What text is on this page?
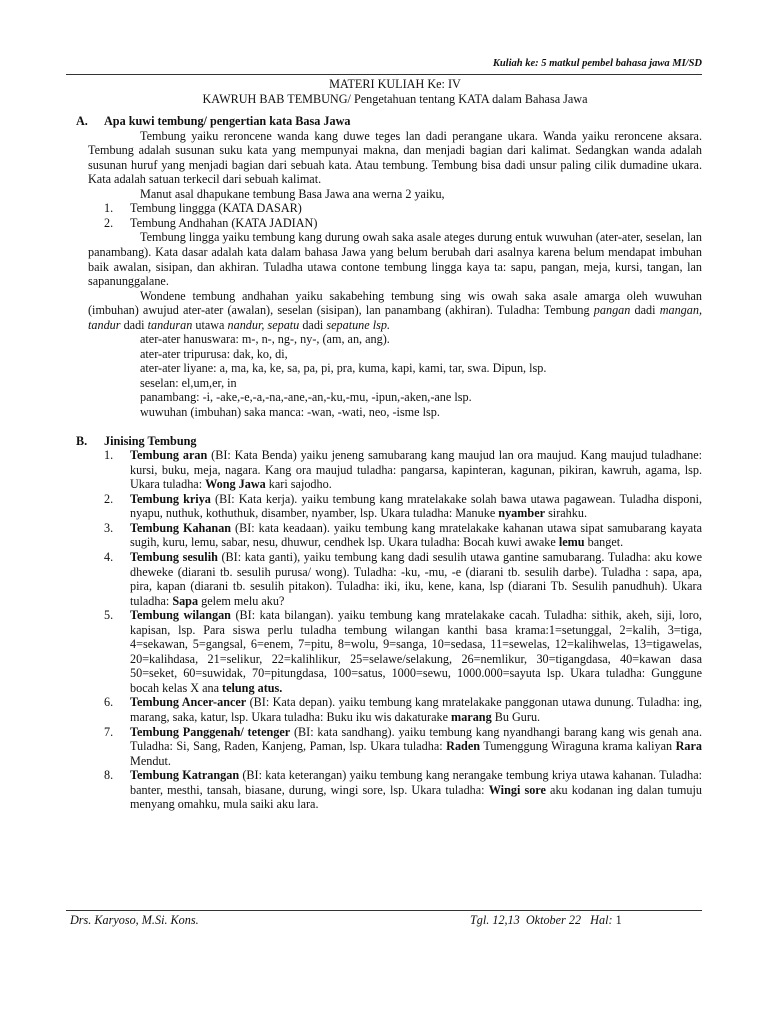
Kuliah ke: 5 matkul pembel bahasa jawa MI/SD
MATERI KULIAH Ke: IV
KAWRUH BAB TEMBUNG/ Pengetahuan tentang KATA dalam Bahasa Jawa
A.	Apa kuwi tembung/ pengertian kata Basa Jawa
Tembung yaiku reroncene wanda kang duwe teges lan dadi perangane ukara. Wanda yaiku reroncene aksara. Tembung adalah susunan suku kata yang mempunyai makna, dan menjadi bagian dari kalimat. Sedangkan wanda adalah susunan huruf yang menjadi bagian dari sebuah kata. Atau tembung. Tembung bisa dadi unsur paling cilik dumadine ukara. Kata adalah satuan terkecil dari sebuah kalimat.
Manut asal dhapukane tembung Basa Jawa ana werna 2 yaiku,
1.	Tembung linggga (KATA DASAR)
2.	Tembung Andhahan (KATA JADIAN)
Tembung lingga yaiku tembung kang durung owah saka asale ateges durung entuk wuwuhan (ater-ater, seselan, lan panambang). Kata dasar adalah kata dalam bahasa Jawa yang belum berubah dari asalnya karena belum mendapat imbuhan baik awalan, sisipan, dan akhiran. Tuladha utawa contone tembung lingga kaya ta: sapu, pangan, meja, kursi, tangan, lan sapanunggalane.
Wondene tembung andhahan yaiku sakabehing tembung sing wis owah saka asale amarga oleh wuwuhan (imbuhan) awujud ater-ater (awalan), seselan (sisipan), lan panambang (akhiran). Tuladha: Tembung pangan dadi mangan, tandur dadi tanduran utawa nandur, sepatu dadi sepatune lsp.
ater-ater hanuswara: m-, n-, ng-, ny-, (am, an, ang).
ater-ater tripurusa: dak, ko, di,
ater-ater liyane: a, ma, ka, ke, sa, pa, pi, pra, kuma, kapi, kami, tar, swa. Dipun, lsp.
seselan: el,um,er, in
panambang: -i, -ake,-e,-a,-na,-ane,-an,-ku,-mu, -ipun,-aken,-ane lsp.
wuwuhan (imbuhan) saka manca: -wan, -wati, neo, -isme lsp.
B.	Jinising Tembung
1.	Tembung aran (BI: Kata Benda) yaiku jeneng samubarang kang maujud lan ora maujud. Kang maujud tuladhane: kursi, buku, meja, nagara. Kang ora maujud tuladha: pangarsa, kapinteran, kagunan, pikiran, kawruh, agama, lsp. Ukara tuladha: Wong Jawa kari sajodho.
2.	Tembung kriya (BI: Kata kerja). yaiku tembung kang mratelakake solah bawa utawa pagawean. Tuladha disponi, nyapu, nuthuk, kothuthuk, disamber, nyamber, lsp. Ukara tuladha: Manuke nyamber sirahku.
3.	Tembung Kahanan (BI: kata keadaan). yaiku tembung kang mratelakake kahanan utawa sipat samubarang kayata sugih, kuru, lemu, sabar, nesu, dhuwur, cendhek lsp. Ukara tuladha: Bocah kuwi awake lemu banget.
4.	Tembung sesulih (BI: kata ganti), yaiku tembung kang dadi sesulih utawa gantine samubarang. Tuladha: aku kowe dheweke (diarani tb. sesulih purusa/ wong). Tuladha: -ku, -mu, -e (diarani tb. sesulih darbe). Tuladha : sapa, apa, pira, kapan (diarani tb. sesulih pitakon). Tuladha: iki, iku, kene, kana, lsp (diarani Tb. Sesulih panudhuh). Ukara tuladha: Sapa gelem melu aku?
5.	Tembung wilangan (BI: kata bilangan). yaiku tembung kang mratelakake cacah. Tuladha: sithik, akeh, siji, loro, kapisan, lsp. Para siswa perlu tuladha tembung wilangan kanthi basa krama:1=setunggal, 2=kalih, 3=tiga, 4=sekawan, 5=gangsal, 6=enem, 7=pitu, 8=wolu, 9=sanga, 10=sedasa, 11=sewelas, 12=kalihwelas, 13=tigawelas, 20=kalihdasa, 21=selikur, 22=kalihlikur, 25=selawe/selakung, 26=nemlikur, 30=tigangdasa, 40=kawan dasa 50=seket, 60=suwidak, 70=pitungdasa, 100=satus, 1000=sewu, 1000.000=sayuta lsp. Ukara tuladha: Gunggune bocah kelas X ana telung atus.
6.	Tembung Ancer-ancer (BI: Kata depan). yaiku tembung kang mratelakake panggonan utawa dunung. Tuladha: ing, marang, saka, katur, lsp. Ukara tuladha: Buku iku wis dakaturake marang Bu Guru.
7.	Tembung Panggenah/ tetenger (BI: kata sandhang). yaiku tembung kang nyandhangi barang kang wis genah ana. Tuladha: Si, Sang, Raden, Kanjeng, Paman, lsp. Ukara tuladha: Raden Tumenggung Wiraguna krama kaliyan Rara Mendut.
8.	Tembung Katrangan (BI: kata keterangan) yaiku tembung kang nerangake tembung kriya utawa kahanan. Tuladha: banter, mesthi, tansah, biasane, durung, wingi sore, lsp. Ukara tuladha: Wingi sore aku kodanan ing dalan tumuju menyang omahku, mula saiki aku lara.
Drs. Karyoso, M.Si. Kons.	Tgl. 12,13  Oktober 22   Hal: 1
